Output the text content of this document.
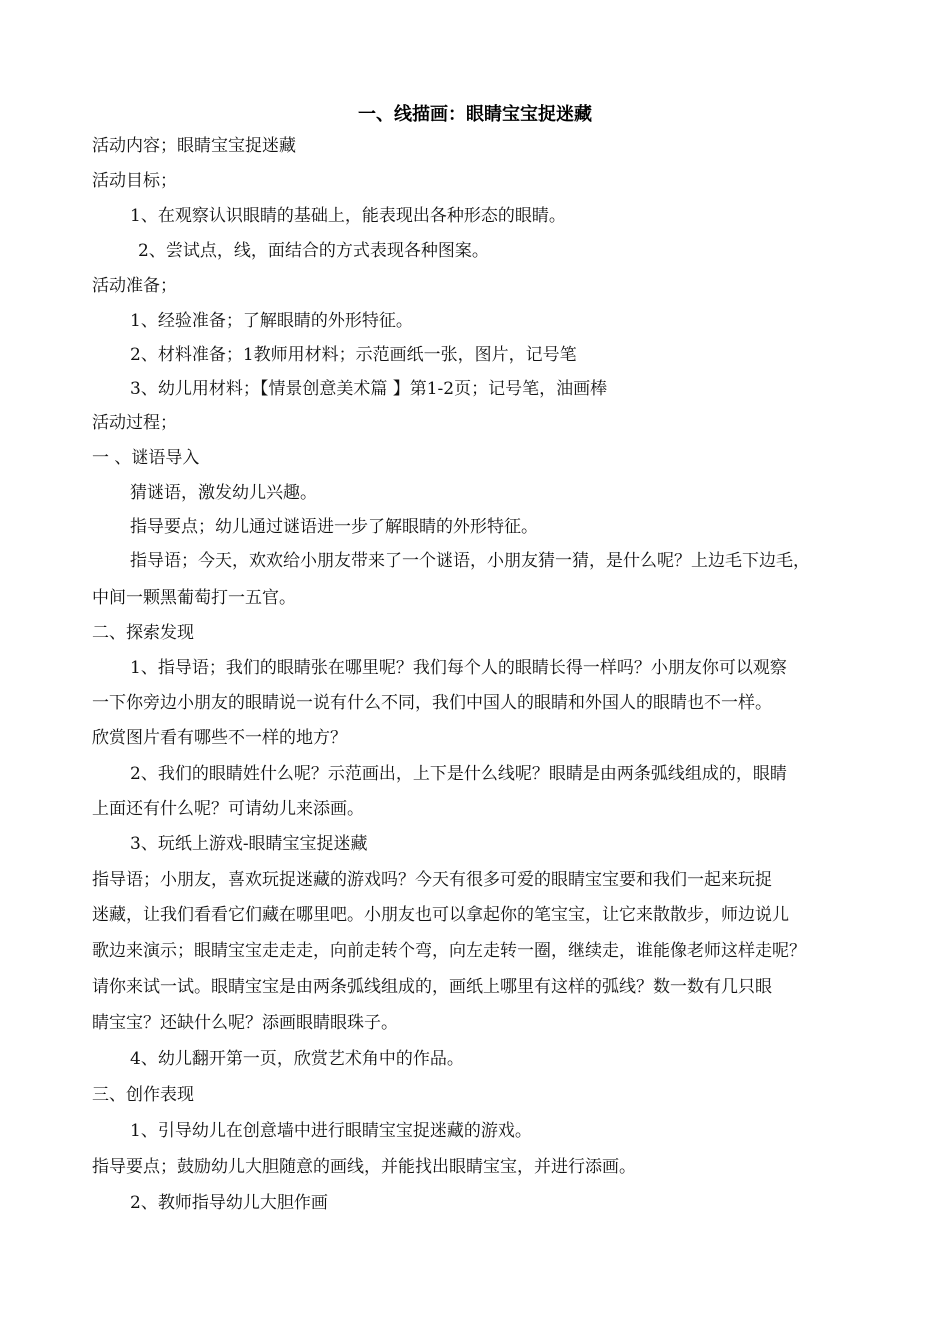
一、线描画：眼睛宝宝捉迷藏
活动内容；眼睛宝宝捉迷藏
活动目标；
1、在观察认识眼睛的基础上，能表现出各种形态的眼睛。
2、尝试点，线，面结合的方式表现各种图案。
活动准备；
1、经验准备；了解眼睛的外形特征。
2、材料准备；1教师用材料；示范画纸一张，图片，记号笔
3、幼儿用材料；【情景创意美术篇 】第1-2页；记号笔，油画棒
活动过程；
一 、谜语导入
猜谜语，激发幼儿兴趣。
指导要点；幼儿通过谜语进一步了解眼睛的外形特征。
指导语；今天，欢欢给小朋友带来了一个谜语，小朋友猜一猜，是什么呢？上边毛下边毛，
中间一颗黑葡萄打一五官。
二、探索发现
1、指导语；我们的眼睛张在哪里呢？我们每个人的眼睛长得一样吗？小朋友你可以观察
一下你旁边小朋友的眼睛说一说有什么不同，我们中国人的眼睛和外国人的眼睛也不一样。
欣赏图片看有哪些不一样的地方？
2、我们的眼睛姓什么呢？示范画出，上下是什么线呢？眼睛是由两条弧线组成的，眼睛
上面还有什么呢？可请幼儿来添画。
3、玩纸上游戏-眼睛宝宝捉迷藏
指导语；小朋友，喜欢玩捉迷藏的游戏吗？今天有很多可爱的眼睛宝宝要和我们一起来玩捉
迷藏，让我们看看它们藏在哪里吧。小朋友也可以拿起你的笔宝宝，让它来散散步，师边说儿
歌边来演示；眼睛宝宝走走走，向前走转个弯，向左走转一圈，继续走，谁能像老师这样走呢？
请你来试一试。眼睛宝宝是由两条弧线组成的，画纸上哪里有这样的弧线？数一数有几只眼
睛宝宝？还缺什么呢？添画眼睛眼珠子。
4、幼儿翻开第一页，欣赏艺术角中的作品。
三、创作表现
1、引导幼儿在创意墙中进行眼睛宝宝捉迷藏的游戏。
指导要点；鼓励幼儿大胆随意的画线，并能找出眼睛宝宝，并进行添画。
2、教师指导幼儿大胆作画
